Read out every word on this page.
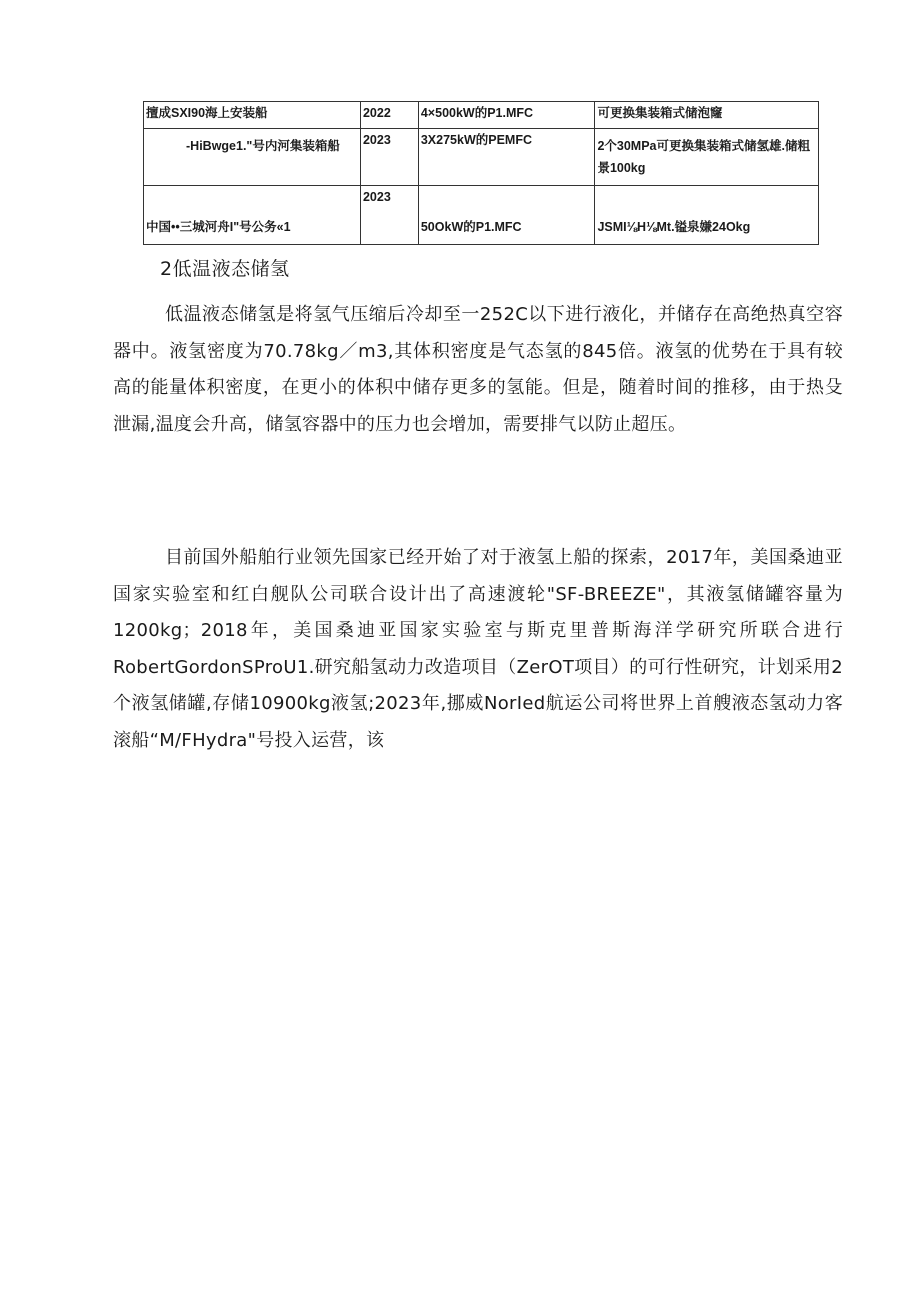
擅成SXI90海上安装船	2022	4×500kW的P1.MFC	可更换集装箱式储泡窿
-HiBwge1."号内河集装箱船	2023	3X275kW的PEMFC	2个30MPa可更换集装箱式储氢雄.储粗景100kg
中国••三城河舟I"号公务«1	2023	50OkW的P1.MFC	JSMI⅛H⅛Mt.镒泉嫌24Okg
2低温液态储氢

低温液态储氢是将氢气压缩后冷却至一252C以下进行液化，并储存在高绝热真空容器中。液氢密度为70.78kg／m3,其体积密度是气态氢的845倍。液氢的优势在于具有较高的能量体积密度，在更小的体积中储存更多的氢能。但是，随着时间的推移，由于热殳泄漏,温度会升高，储氢容器中的压力也会增加，需要排气以防止超压。

目前国外船舶行业领先国家已经开始了对于液氢上船的探索，2017年，美国桑迪亚国家实验室和红白舰队公司联合设计出了高速渡轮"SF-BREEZE"，其液氢储罐容量为1200kg；2018年，美国桑迪亚国家实验室与斯克里普斯海洋学研究所联合进行RobertGordonSProU1.研究船氢动力改造项目（ZerOT项目）的可行性研究，计划采用2个液氢储罐,存储10900kg液氢;2023年,挪威NorIed航运公司将世界上首艘液态氢动力客滚船“M/FHydra"号投入运营，该
